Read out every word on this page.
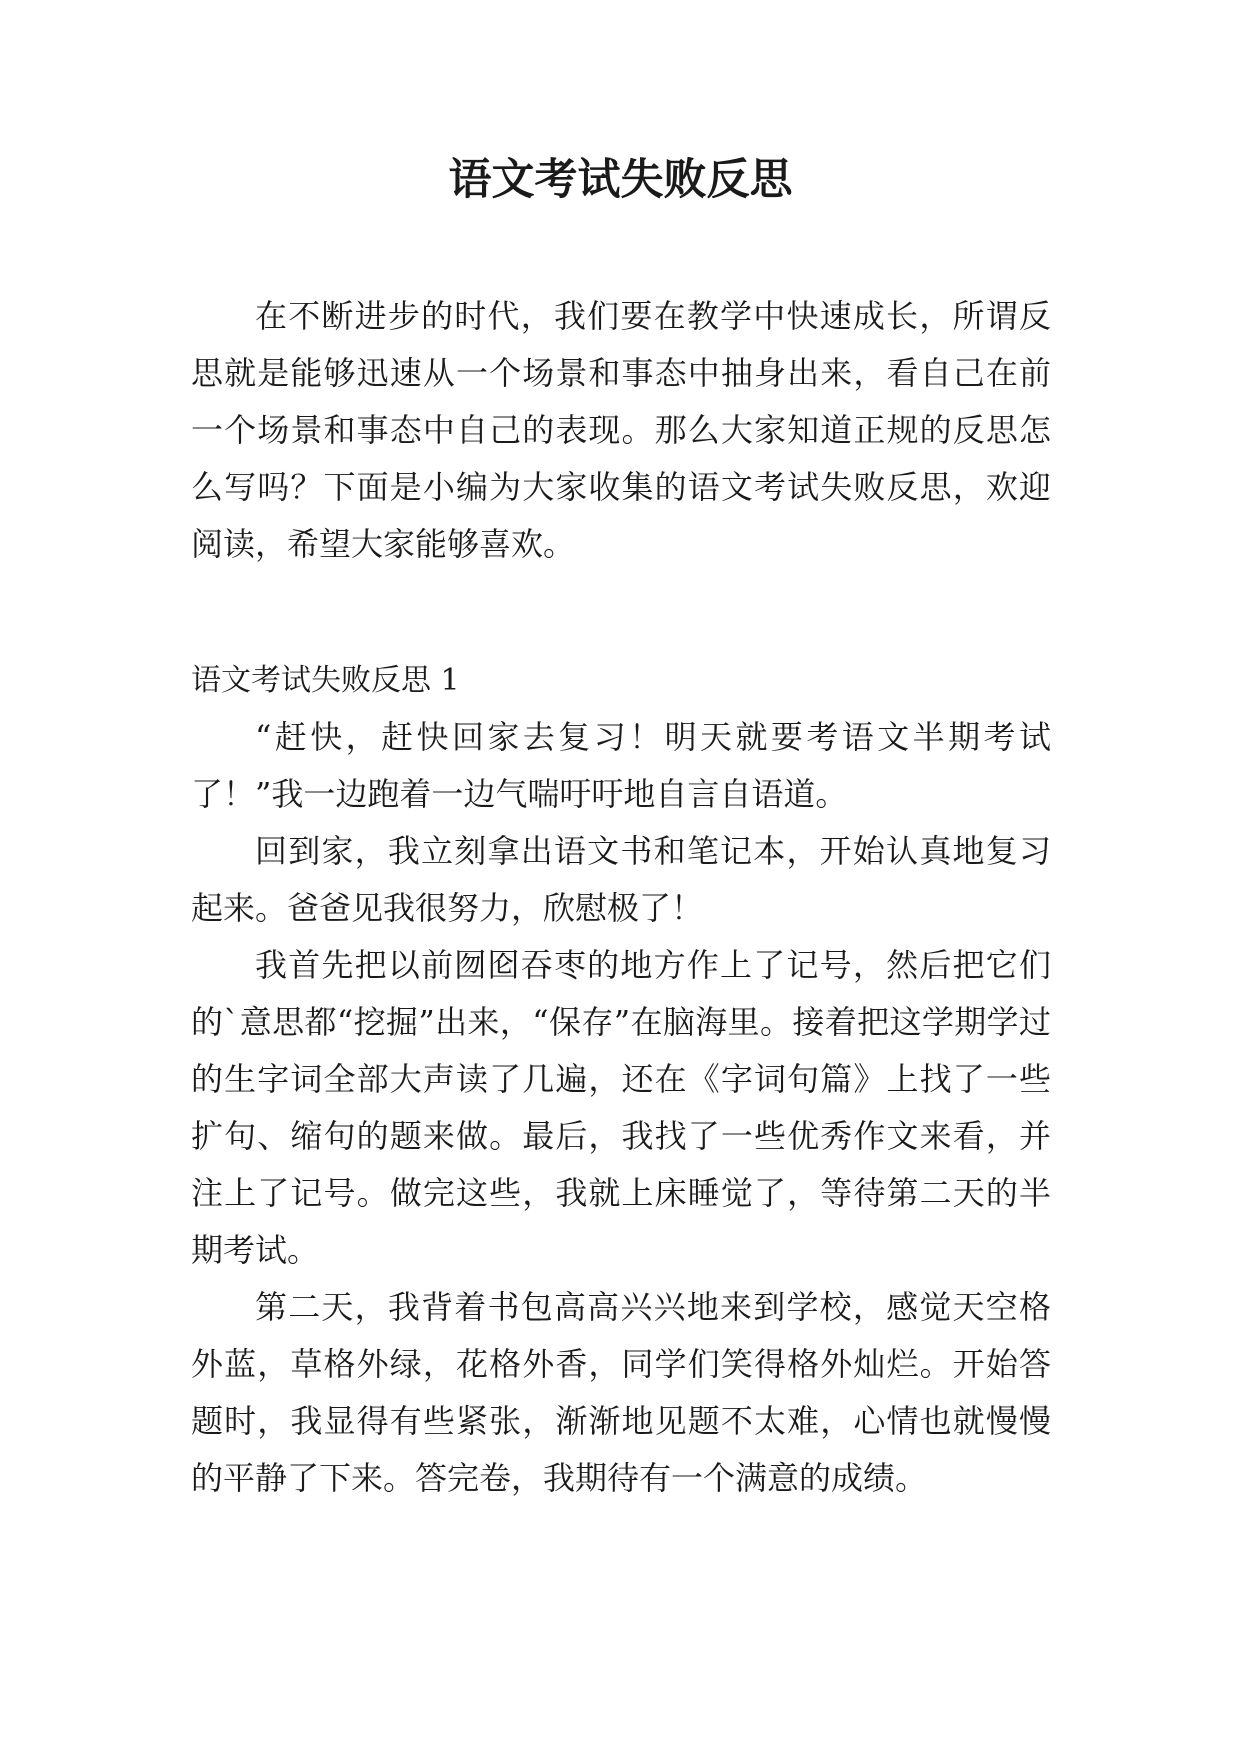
语文考试失败反思

在不断进步的时代，我们要在教学中快速成长，所谓反思就是能够迅速从一个场景和事态中抽身出来，看自己在前一个场景和事态中自己的表现。那么大家知道正规的反思怎么写吗？下面是小编为大家收集的语文考试失败反思，欢迎阅读，希望大家能够喜欢。

语文考试失败反思 1

“赶快，赶快回家去复习！明天就要考语文半期考试了！”我一边跑着一边气喘吁吁地自言自语道。

回到家，我立刻拿出语文书和笔记本，开始认真地复习起来。爸爸见我很努力，欣慰极了！

我首先把以前囫囵吞枣的地方作上了记号，然后把它们的`意思都“挖掘”出来，“保存”在脑海里。接着把这学期学过的生字词全部大声读了几遍，还在《字词句篇》上找了一些扩句、缩句的题来做。最后，我找了一些优秀作文来看，并注上了记号。做完这些，我就上床睡觉了，等待第二天的半期考试。

第二天，我背着书包高高兴兴地来到学校，感觉天空格外蓝，草格外绿，花格外香，同学们笑得格外灿烂。开始答题时，我显得有些紧张，渐渐地见题不太难，心情也就慢慢的平静了下来。答完卷，我期待有一个满意的成绩。
